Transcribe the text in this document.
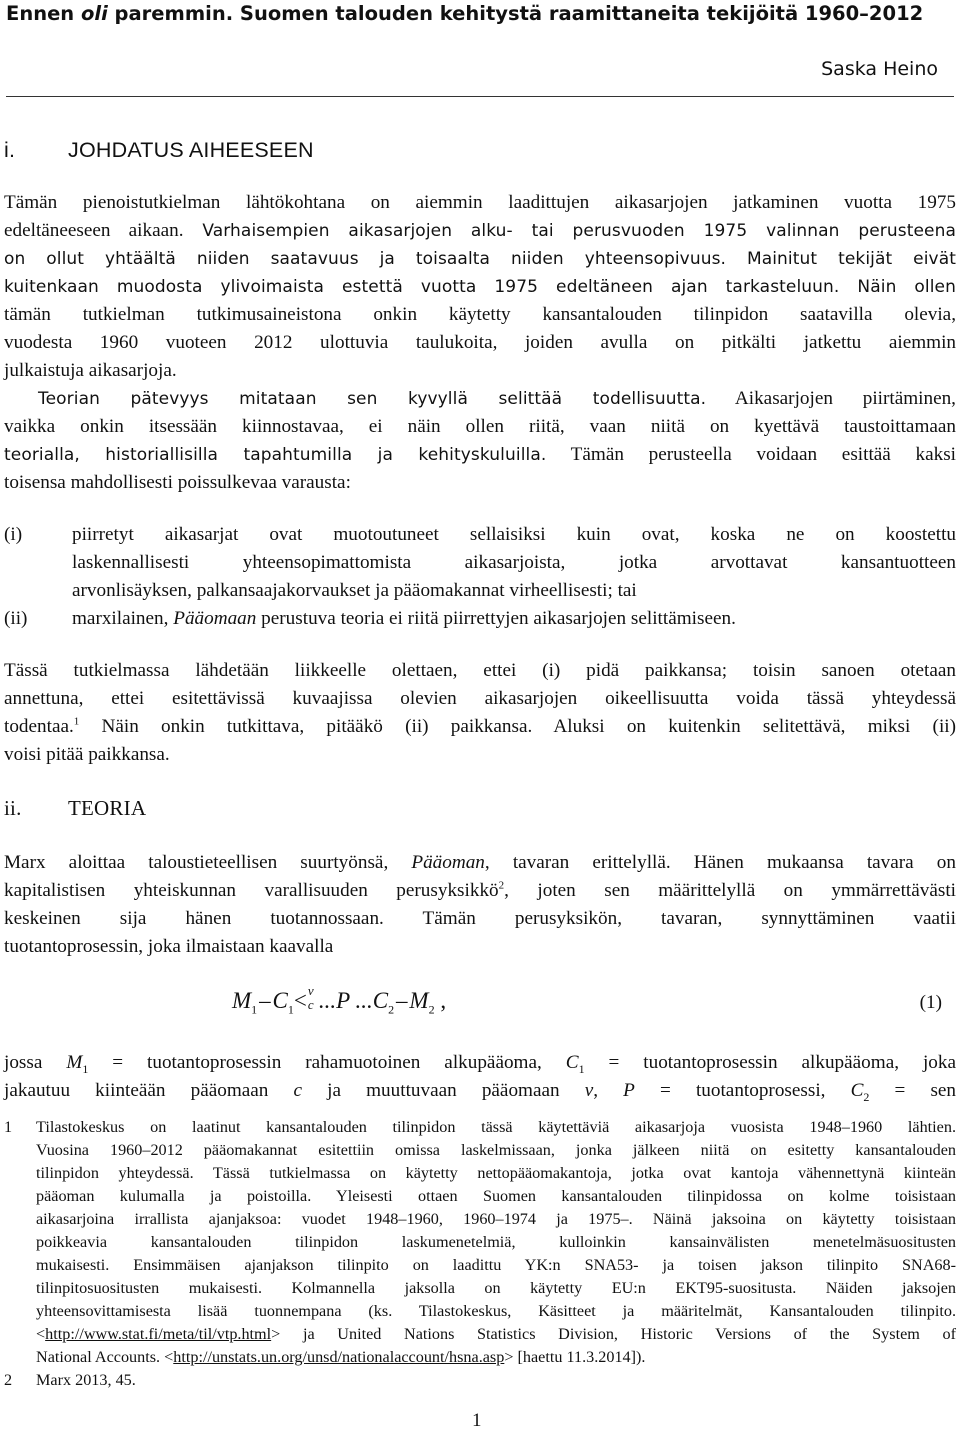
Ennen oli paremmin. Suomen talouden kehitystä raamittaneita tekijöitä 1960–2012
Saska Heino
i. JOHDATUS AIHEESEEN
Tämän pienoistutkielman lähtökohtana on aiemmin laadittujen aikasarjojen jatkaminen vuotta 1975
edeltäneeseen aikaan. Varhaisempien aikasarjojen alku- tai perusvuoden 1975 valinnan perusteena
on ollut yhtäältä niiden saatavuus ja toisaalta niiden yhteensopivuus. Mainitut tekijät eivät
kuitenkaan muodosta ylivoimaista estettä vuotta 1975 edeltäneen ajan tarkasteluun. Näin ollen
tämän tutkielman tutkimusaineistona onkin käytetty kansantalouden tilinpidon saatavilla olevia,
vuodesta 1960 vuoteen 2012 ulottuvia taulukoita, joiden avulla on pitkälti jatkettu aiemmin
julkaistuja aikasarjoja.
Teorian pätevyys mitataan sen kyvyllä selittää todellisuutta. Aikasarjojen piirtäminen,
vaikka onkin itsessään kiinnostavaa, ei näin ollen riitä, vaan niitä on kyettävä taustoittamaan
teorialla, historiallisilla tapahtumilla ja kehityskuluilla. Tämän perusteella voidaan esittää kaksi
toisensa mahdollisesti poissulkevaa varausta:
(i)	piirretyt aikasarjat ovat muotoutuneet sellaisiksi kuin ovat, koska ne on koostettu
laskennallisesti yhteensopimattomista aikasarjoista, jotka arvottavat kansantuotteen
arvonlisäyksen, palkansaajakorvaukset ja pääomakannat virheellisesti; tai
(ii) marxilainen, Pääomaan perustuva teoria ei riitä piirrettyjen aikasarjojen selittämiseen.
Tässä tutkielmassa lähdetään liikkeelle olettaen, ettei (i) pidä paikkansa; toisin sanoen otetaan
annettuna, ettei esitettävissä kuvaajissa olevien aikasarjojen oikeellisuutta voida tässä yhteydessä
todentaa.$^1$ Näin onkin tutkittava, pitääkö (ii) paikkansa. Aluksi on kuitenkin selitettävä, miksi (ii)
voisi pitää paikkansa.
ii. TEORIA
Marx aloittaa taloustieteellisen suurtyönsä, Pääoman, tavaran erittelyllä. Hänen mukaansa tavara on
kapitalistisen yhteiskunnan varallisuuden perusyksikkö$^2$, joten sen määrittelyllä on ymmärrettävästi
keskeinen sija hänen tuotannossaan. Tämän perusyksikön, tavaran, synnyttäminen vaatii
tuotantoprosessin, joka ilmaistaan kaavalla
$M_1$ – $C_1< v$
c ...P $...C_2$ – $M_2$ ,	(1)
jossa $M_1$ = tuotantoprosessin rahamuotoinen alkupääoma, $C_1$ = tuotantoprosessin alkupääoma, joka
jakautuu kiinteään pääomaan c ja muuttuvaan pääomaan v, P = tuotantoprosessi, $C_2$ = sen
1 Tilastokeskus on laatinut kansantalouden tilinpidon tässä käytettäviä aikasarjoja vuosista 1948–1960 lähtien.
Vuosina 1960–2012 pääomakannat esitettiin omissa laskelmissaan, jonka jälkeen niitä on esitetty kansantalouden
tilinpidon yhteydessä. Tässä tutkielmassa on käytetty nettopääomakantoja, jotka ovat kantoja vähennettynä kiinteän
pääoman kulumalla ja poistoilla. Yleisesti ottaen Suomen kansantalouden tilinpidossa on kolme toisistaan
aikasarjoina irrallista ajanjaksoa: vuodet 1948–1960, 1960–1974 ja 1975–. Näinä jaksoina on käytetty toisistaan
poikkeavia kansantalouden tilinpidon laskumenetelmiä, kulloinkin kansainvälisten menetelmäsuositusten
mukaisesti. Ensimmäisen ajanjakson tilinpito on laadittu YK:n SNA53- ja toisen jakson tilinpito SNA68-
tilinpitosuositusten mukaisesti. Kolmannella jaksolla on käytetty EU:n EKT95-suositusta. Näiden jaksojen
yhteensovittamisesta lisää tuonnempana (ks. Tilastokeskus, Käsitteet ja määritelmät, Kansantalouden tilinpito.
<http://www.stat.fi/meta/til/vtp.html> ja United Nations Statistics Division, Historic Versions of the System of
National Accounts. <http://unstats.un.org/unsd/nationalaccount/hsna.asp> [haettu 11.3.2014]).
2 Marx 2013, 45.
1
